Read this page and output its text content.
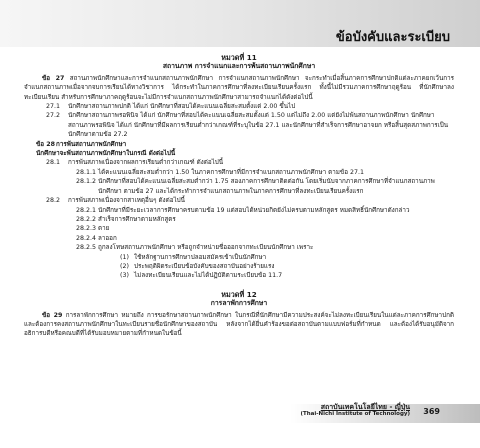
ข้อบังคับและระเบียบ
หมวดที่ 11
สถานภาพ การจำแนกและการพ้นสถานภาพนักศึกษา
ข้อ 27 สถานภาพนักศึกษาและการจำแนกสถานภาพนักศึกษา การจำแนกสถานภาพนักศึกษา จะกระทำเมื่อสิ้นภาคการศึกษาปกติแต่ละภาคยกเว้นการจำแนกสถานภาพเมื่อจากจบการเรียนได้ทางวิชาการ ได้กระทำในภาคการศึกษาที่ลงทะเบียนเรียนครั้งแรก ทั้งนี้ไม่มีรวมภาคการศึกษาฤดูร้อน ที่นักศึกษาลงทะเบียนเรียน สำหรับการศึกษาภาคฤดูร้อนจะไม่มีการจำแนกสถานภาพนักศึกษาสามารถจำแนกได้ดังต่อไปนี้
27.1	นักศึกษาสถานภาพปกติ ได้แก่ นักศึกษาที่สอบได้คะแนนเฉลี่ยสะสมตั้งแต่ 2.00 ขึ้นไป
27.2	นักศึกษาสถานภาพรอพินิจ ได้แก่ นักศึกษาที่สอบได้คะแนนเฉลี่ยสะสมตั้งแต่ 1.50 แต่ไม่ถึง 2.00 แต่ยังไม่พ้นสถานภาพนักศึกษา นักศึกษาสถานภาพรอพินิจ ได้แก่ นักศึกษาที่มีผลการเรียนต่ำกว่าเกณฑ์ที่ระบุในข้อ 27.1 และนักศึกษาที่สำเร็จการศึกษาอาจยก หรือสิ้นสุดสภาพการเป็นนักศึกษาตามข้อ 27.2
ข้อ 28 การพ้นสถานภาพนักศึกษา
นักศึกษาจะพ้นสถานภาพนักศึกษาในกรณี ดังต่อไปนี้
28.1	การพ้นสภาพเนื่องจากผลการเรียนต่ำกว่าเกณฑ์ ดังต่อไปนี้
28.1.1 ได้คะแนนเฉลี่ยสะสมต่ำกว่า 1.50 ในภาคการศึกษาที่มีการจำแนกสถานภาพนักศึกษา ตามข้อ 27.1
28.1.2 นักศึกษาที่สอบได้คะแนนเฉลี่ยสะสมต่ำกว่า 1.75 สองภาคการศึกษาติดต่อกัน โดยเริ่มนับจากภาคการศึกษาที่จำแนกสถานภาพนักศึกษา ตามข้อ 27 และได้กระทำการจำแนกสถานภาพในภาคการศึกษาที่ลงทะเบียนเรียนครั้งแรก
28.2	การพ้นสภาพเนื่องจากสาเหตุอื่นๆ ดังต่อไปนี้
28.2.1 นักศึกษาที่มีระยะเวลาการศึกษาครบตามข้อ 19 แต่สอบได้หน่วยกิตยังไม่ครบตามหลักสูตร หมดสิทธิ์นักศึกษาดังกล่าว
28.2.2 สำเร็จการศึกษาตามหลักสูตร
28.2.3 ตาย
28.2.4 ลาออก
28.2.5 ถูกลงโทษสถานภาพนักศึกษา หรือถูกจำหน่ายชื่อออกจากทะเบียนนักศึกษา เพราะ
(1) ใช้หลักฐานการศึกษาปลอมสมัครเข้าเป็นนักศึกษา
(2) ประพฤติผิดระเบียบข้อบังคับของสถาบันอย่างร้ายแรง
(3) ไม่ลงทะเบียนเรียนและไม่ได้ปฏิบัติตามระเบียบข้อ 11.7
หมวดที่ 12
การลาพักการศึกษา
ข้อ 29 การลาพักการศึกษา หมายถึง การขอรักษาสถานภาพนักศึกษา ในกรณีที่นักศึกษามีความประสงค์จะไม่ลงทะเบียนเรียนในแต่ละภาคการศึกษาปกติและต้องการคงสถานภาพนักศึกษาในทะเบียนรายชื่อนักศึกษาของสถาบัน หลังจากได้ยื่นคำร้องขอต่อสถาบันตามแบบฟอร์มที่กำหนด และต้องได้รับอนุมัติจากอธิการบดีหรือคณบดีที่ได้รับมอบหมายตามที่กำหนดในข้อนี้
สถาบันเทคโนโลยีไทย - ญี่ปุ่น
(Thai-Nichi Institute of Technology) 369
